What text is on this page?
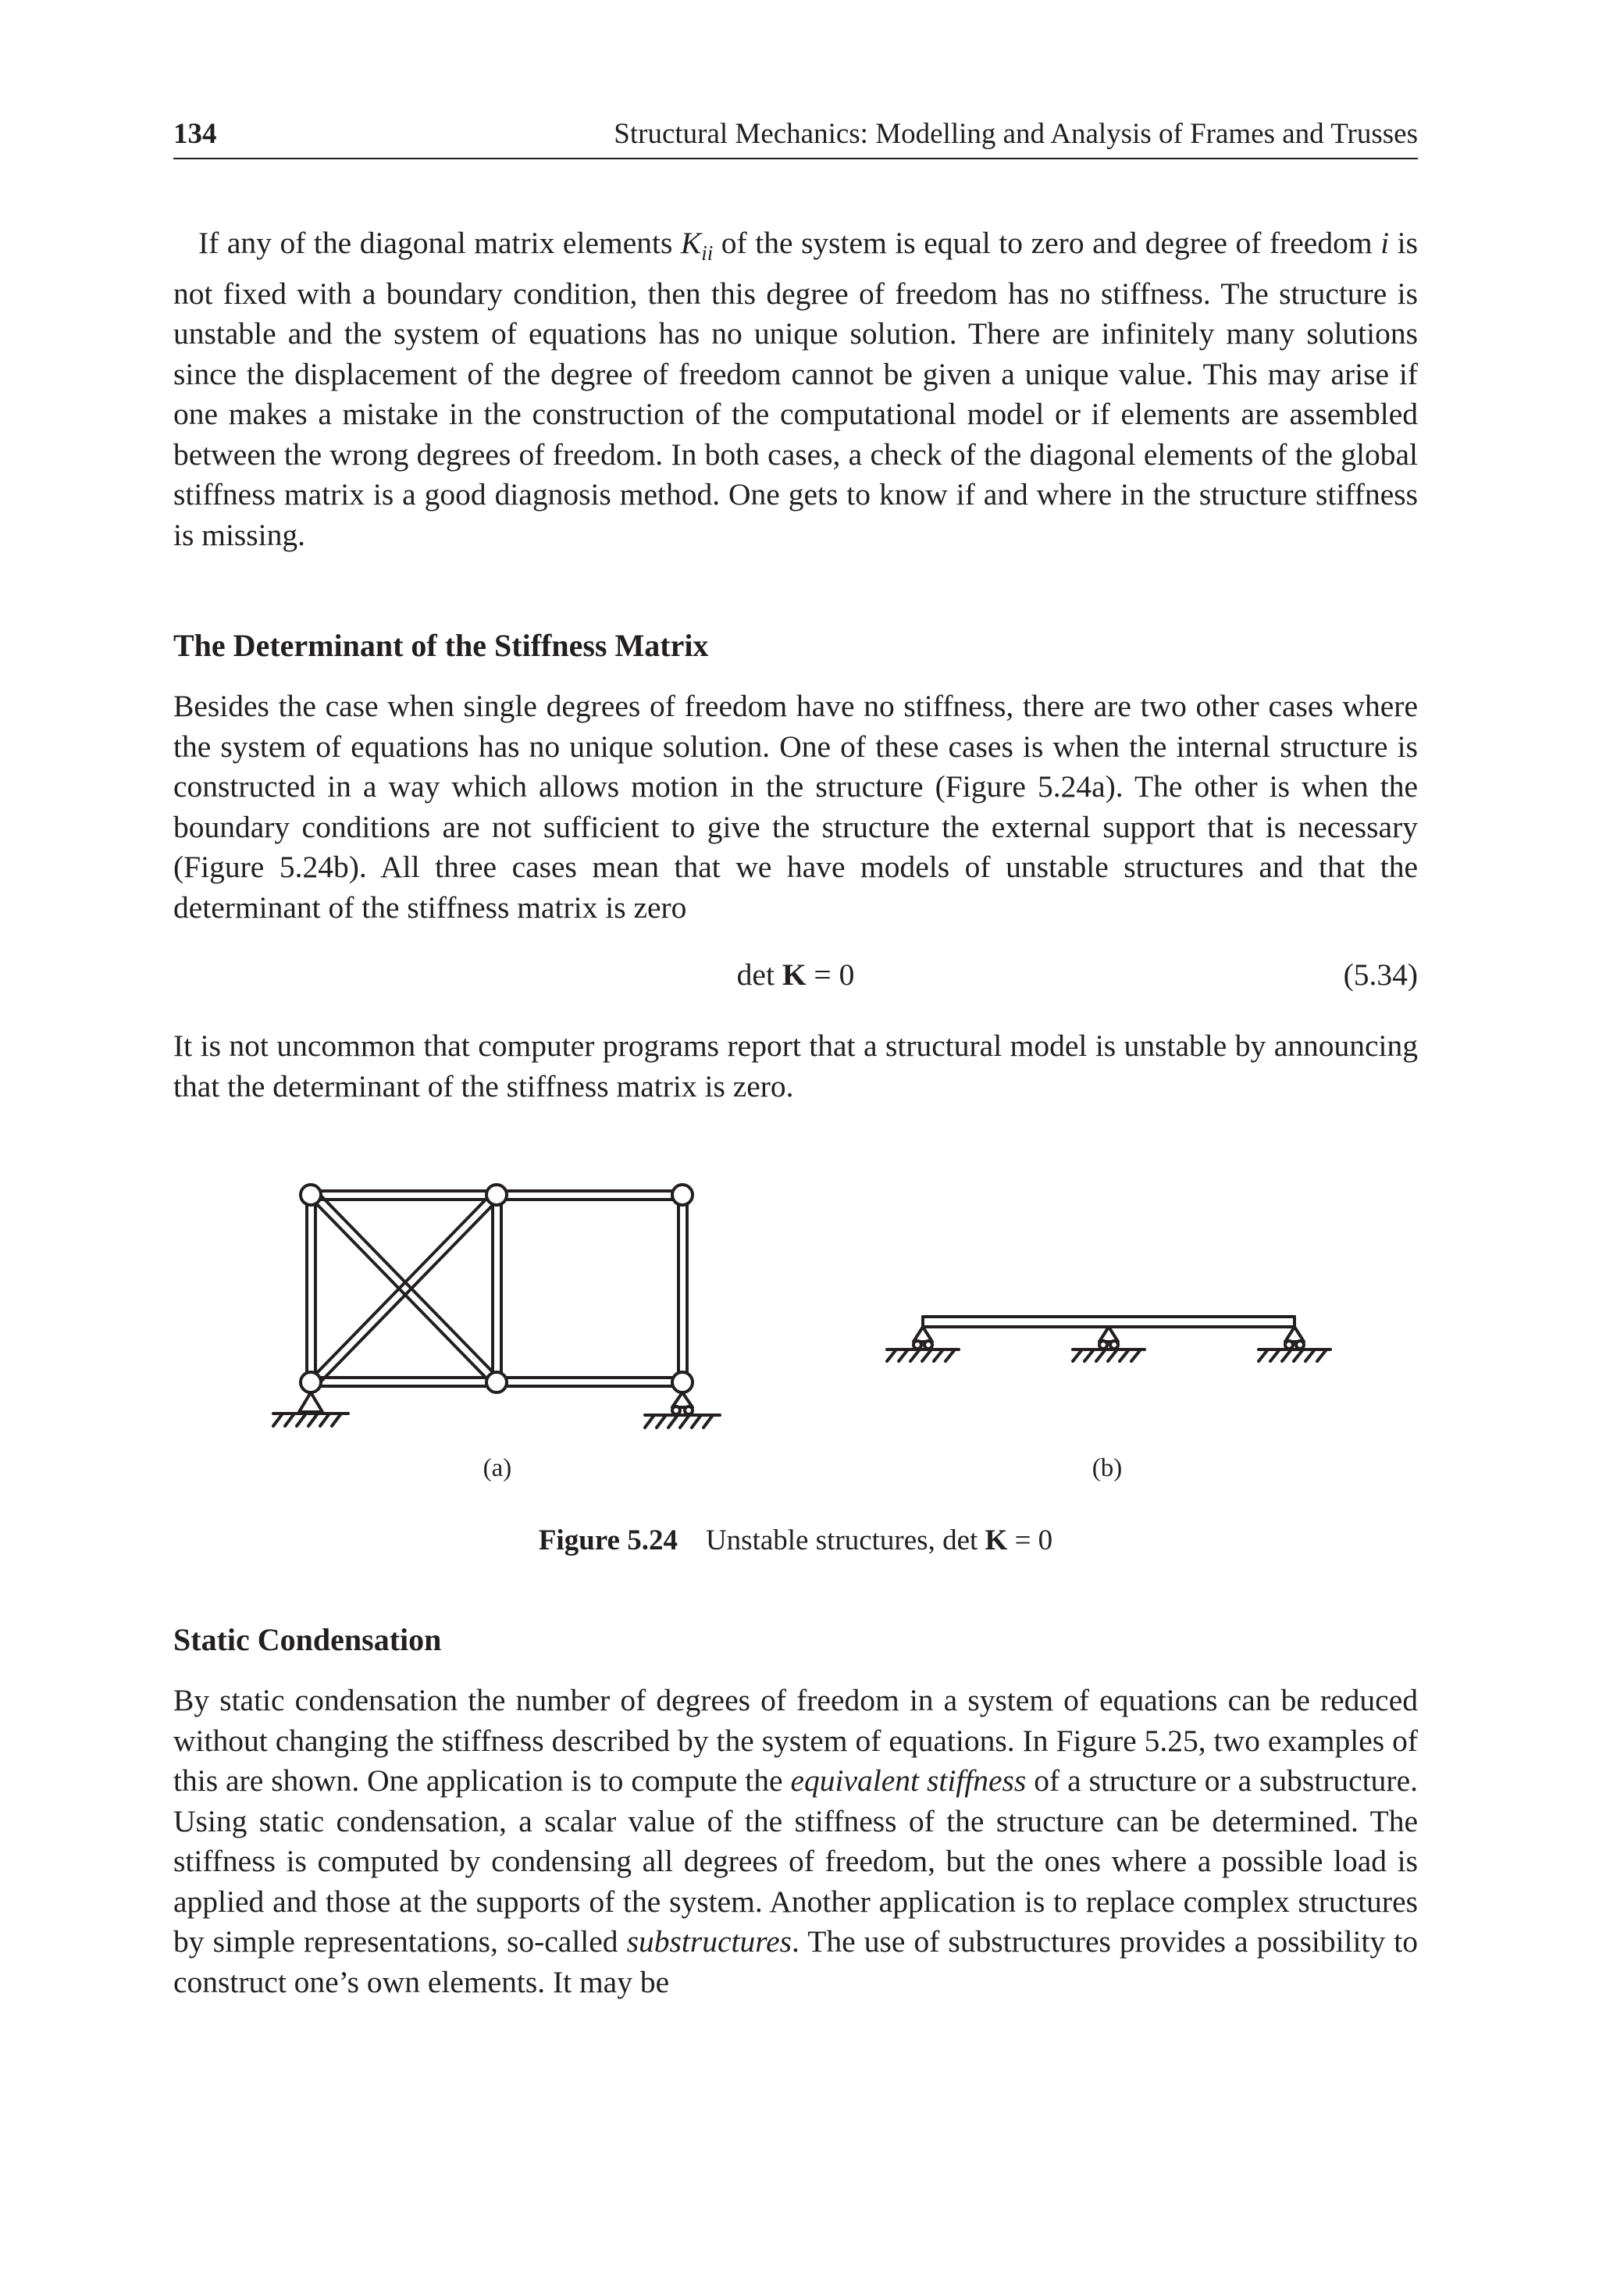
134	Structural Mechanics: Modelling and Analysis of Frames and Trusses

If any of the diagonal matrix elements $K_{ii}$ of the system is equal to zero and degree of freedom i is not fixed with a boundary condition, then this degree of freedom has no stiffness. The structure is unstable and the system of equations has no unique solution. There are infinitely many solutions since the displacement of the degree of freedom cannot be given a unique value. This may arise if one makes a mistake in the construction of the computational model or if elements are assembled between the wrong degrees of freedom. In both cases, a check of the diagonal elements of the global stiffness matrix is a good diagnosis method. One gets to know if and where in the structure stiffness is missing.

The Determinant of the Stiffness Matrix

Besides the case when single degrees of freedom have no stiffness, there are two other cases where the system of equations has no unique solution. One of these cases is when the internal structure is constructed in a way which allows motion in the structure (Figure 5.24a). The other is when the boundary conditions are not sufficient to give the structure the external support that is necessary (Figure 5.24b). All three cases mean that we have models of unstable structures and that the determinant of the stiffness matrix is zero

det K = 0	(5.34)

It is not uncommon that computer programs report that a structural model is unstable by announcing that the determinant of the stiffness matrix is zero.

(a)	(b)
Figure 5.24 Unstable structures, det K = 0
Static Condensation

By static condensation the number of degrees of freedom in a system of equations can be reduced without changing the stiffness described by the system of equations. In Figure 5.25, two examples of this are shown. One application is to compute the equivalent stiffness of a structure or a substructure. Using static condensation, a scalar value of the stiffness of the structure can be determined. The stiffness is computed by condensing all degrees of freedom, but the ones where a possible load is applied and those at the supports of the system. Another application is to replace complex structures by simple representations, so-called substructures. The use of substructures provides a possibility to construct one’s own elements. It may be
